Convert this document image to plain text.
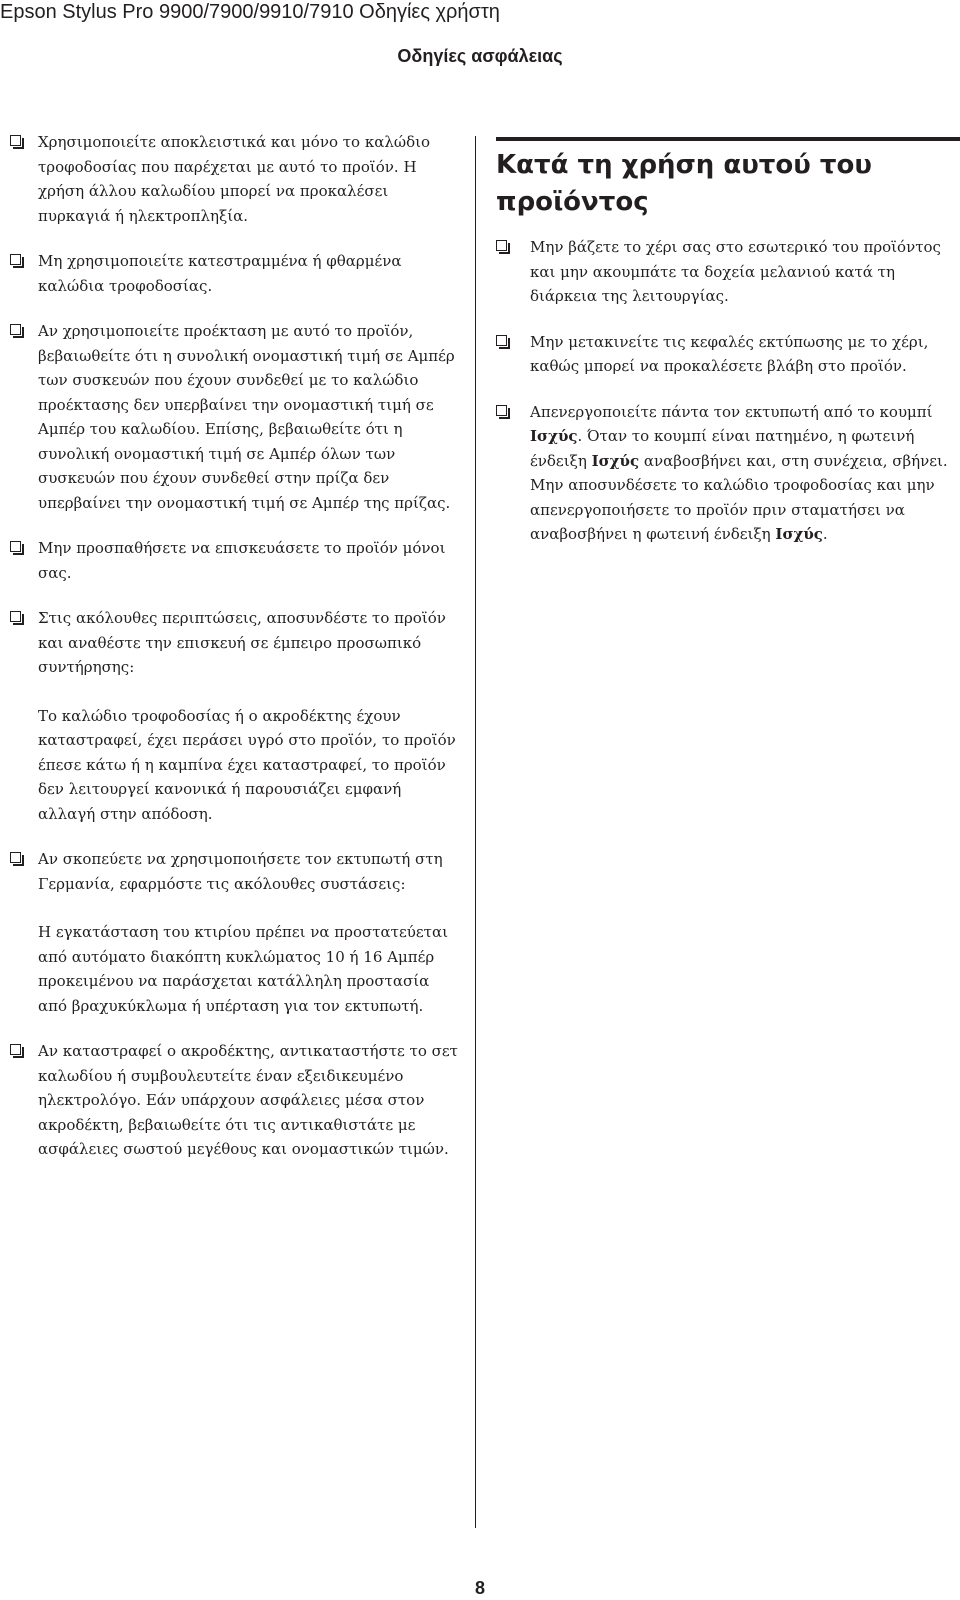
Epson Stylus Pro 9900/7900/9910/7910 Οδηγίες χρήστη
Οδηγίες ασφάλειας

Χρησιμοποιείτε αποκλειστικά και μόνο το καλώδιο τροφοδοσίας που παρέχεται με αυτό το προϊόν. Η χρήση άλλου καλωδίου μπορεί να προκαλέσει πυρκαγιά ή ηλεκτροπληξία.

Μη χρησιμοποιείτε κατεστραμμένα ή φθαρμένα καλώδια τροφοδοσίας.

Αν χρησιμοποιείτε προέκταση με αυτό το προϊόν, βεβαιωθείτε ότι η συνολική ονομαστική τιμή σε Αμπέρ των συσκευών που έχουν συνδεθεί με το καλώδιο προέκτασης δεν υπερβαίνει την ονομαστική τιμή σε Αμπέρ του καλωδίου. Επίσης, βεβαιωθείτε ότι η συνολική ονομαστική τιμή σε Αμπέρ όλων των συσκευών που έχουν συνδεθεί στην πρίζα δεν υπερβαίνει την ονομαστική τιμή σε Αμπέρ της πρίζας.

Μην προσπαθήσετε να επισκευάσετε το προϊόν μόνοι σας.

Στις ακόλουθες περιπτώσεις, αποσυνδέστε το προϊόν και αναθέστε την επισκευή σε έμπειρο προσωπικό συντήρησης:

Το καλώδιο τροφοδοσίας ή ο ακροδέκτης έχουν καταστραφεί, έχει περάσει υγρό στο προϊόν, το προϊόν έπεσε κάτω ή η καμπίνα έχει καταστραφεί, το προϊόν δεν λειτουργεί κανονικά ή παρουσιάζει εμφανή αλλαγή στην απόδοση.

Αν σκοπεύετε να χρησιμοποιήσετε τον εκτυπωτή στη Γερμανία, εφαρμόστε τις ακόλουθες συστάσεις:

Η εγκατάσταση του κτιρίου πρέπει να προστατεύεται από αυτόματο διακόπτη κυκλώματος 10 ή 16 Αμπέρ προκειμένου να παράσχεται κατάλληλη προστασία από βραχυκύκλωμα ή υπέρταση για τον εκτυπωτή.

Αν καταστραφεί ο ακροδέκτης, αντικαταστήστε το σετ καλωδίου ή συμβουλευτείτε έναν εξειδικευμένο ηλεκτρολόγο. Εάν υπάρχουν ασφάλειες μέσα στον ακροδέκτη, βεβαιωθείτε ότι τις αντικαθιστάτε με ασφάλειες σωστού μεγέθους και ονομαστικών τιμών.

Κατά τη χρήση αυτού του προϊόντος

Μην βάζετε το χέρι σας στο εσωτερικό του προϊόντος και μην ακουμπάτε τα δοχεία μελανιού κατά τη διάρκεια της λειτουργίας.

Μην μετακινείτε τις κεφαλές εκτύπωσης με το χέρι, καθώς μπορεί να προκαλέσετε βλάβη στο προϊόν.

Απενεργοποιείτε πάντα τον εκτυπωτή από το κουμπί Ισχύς. Όταν το κουμπί είναι πατημένο, η φωτεινή ένδειξη Ισχύς αναβοσβήνει και, στη συνέχεια, σβήνει. Μην αποσυνδέσετε το καλώδιο τροφοδοσίας και μην απενεργοποιήσετε το προϊόν πριν σταματήσει να αναβοσβήνει η φωτεινή ένδειξη Ισχύς.

8
